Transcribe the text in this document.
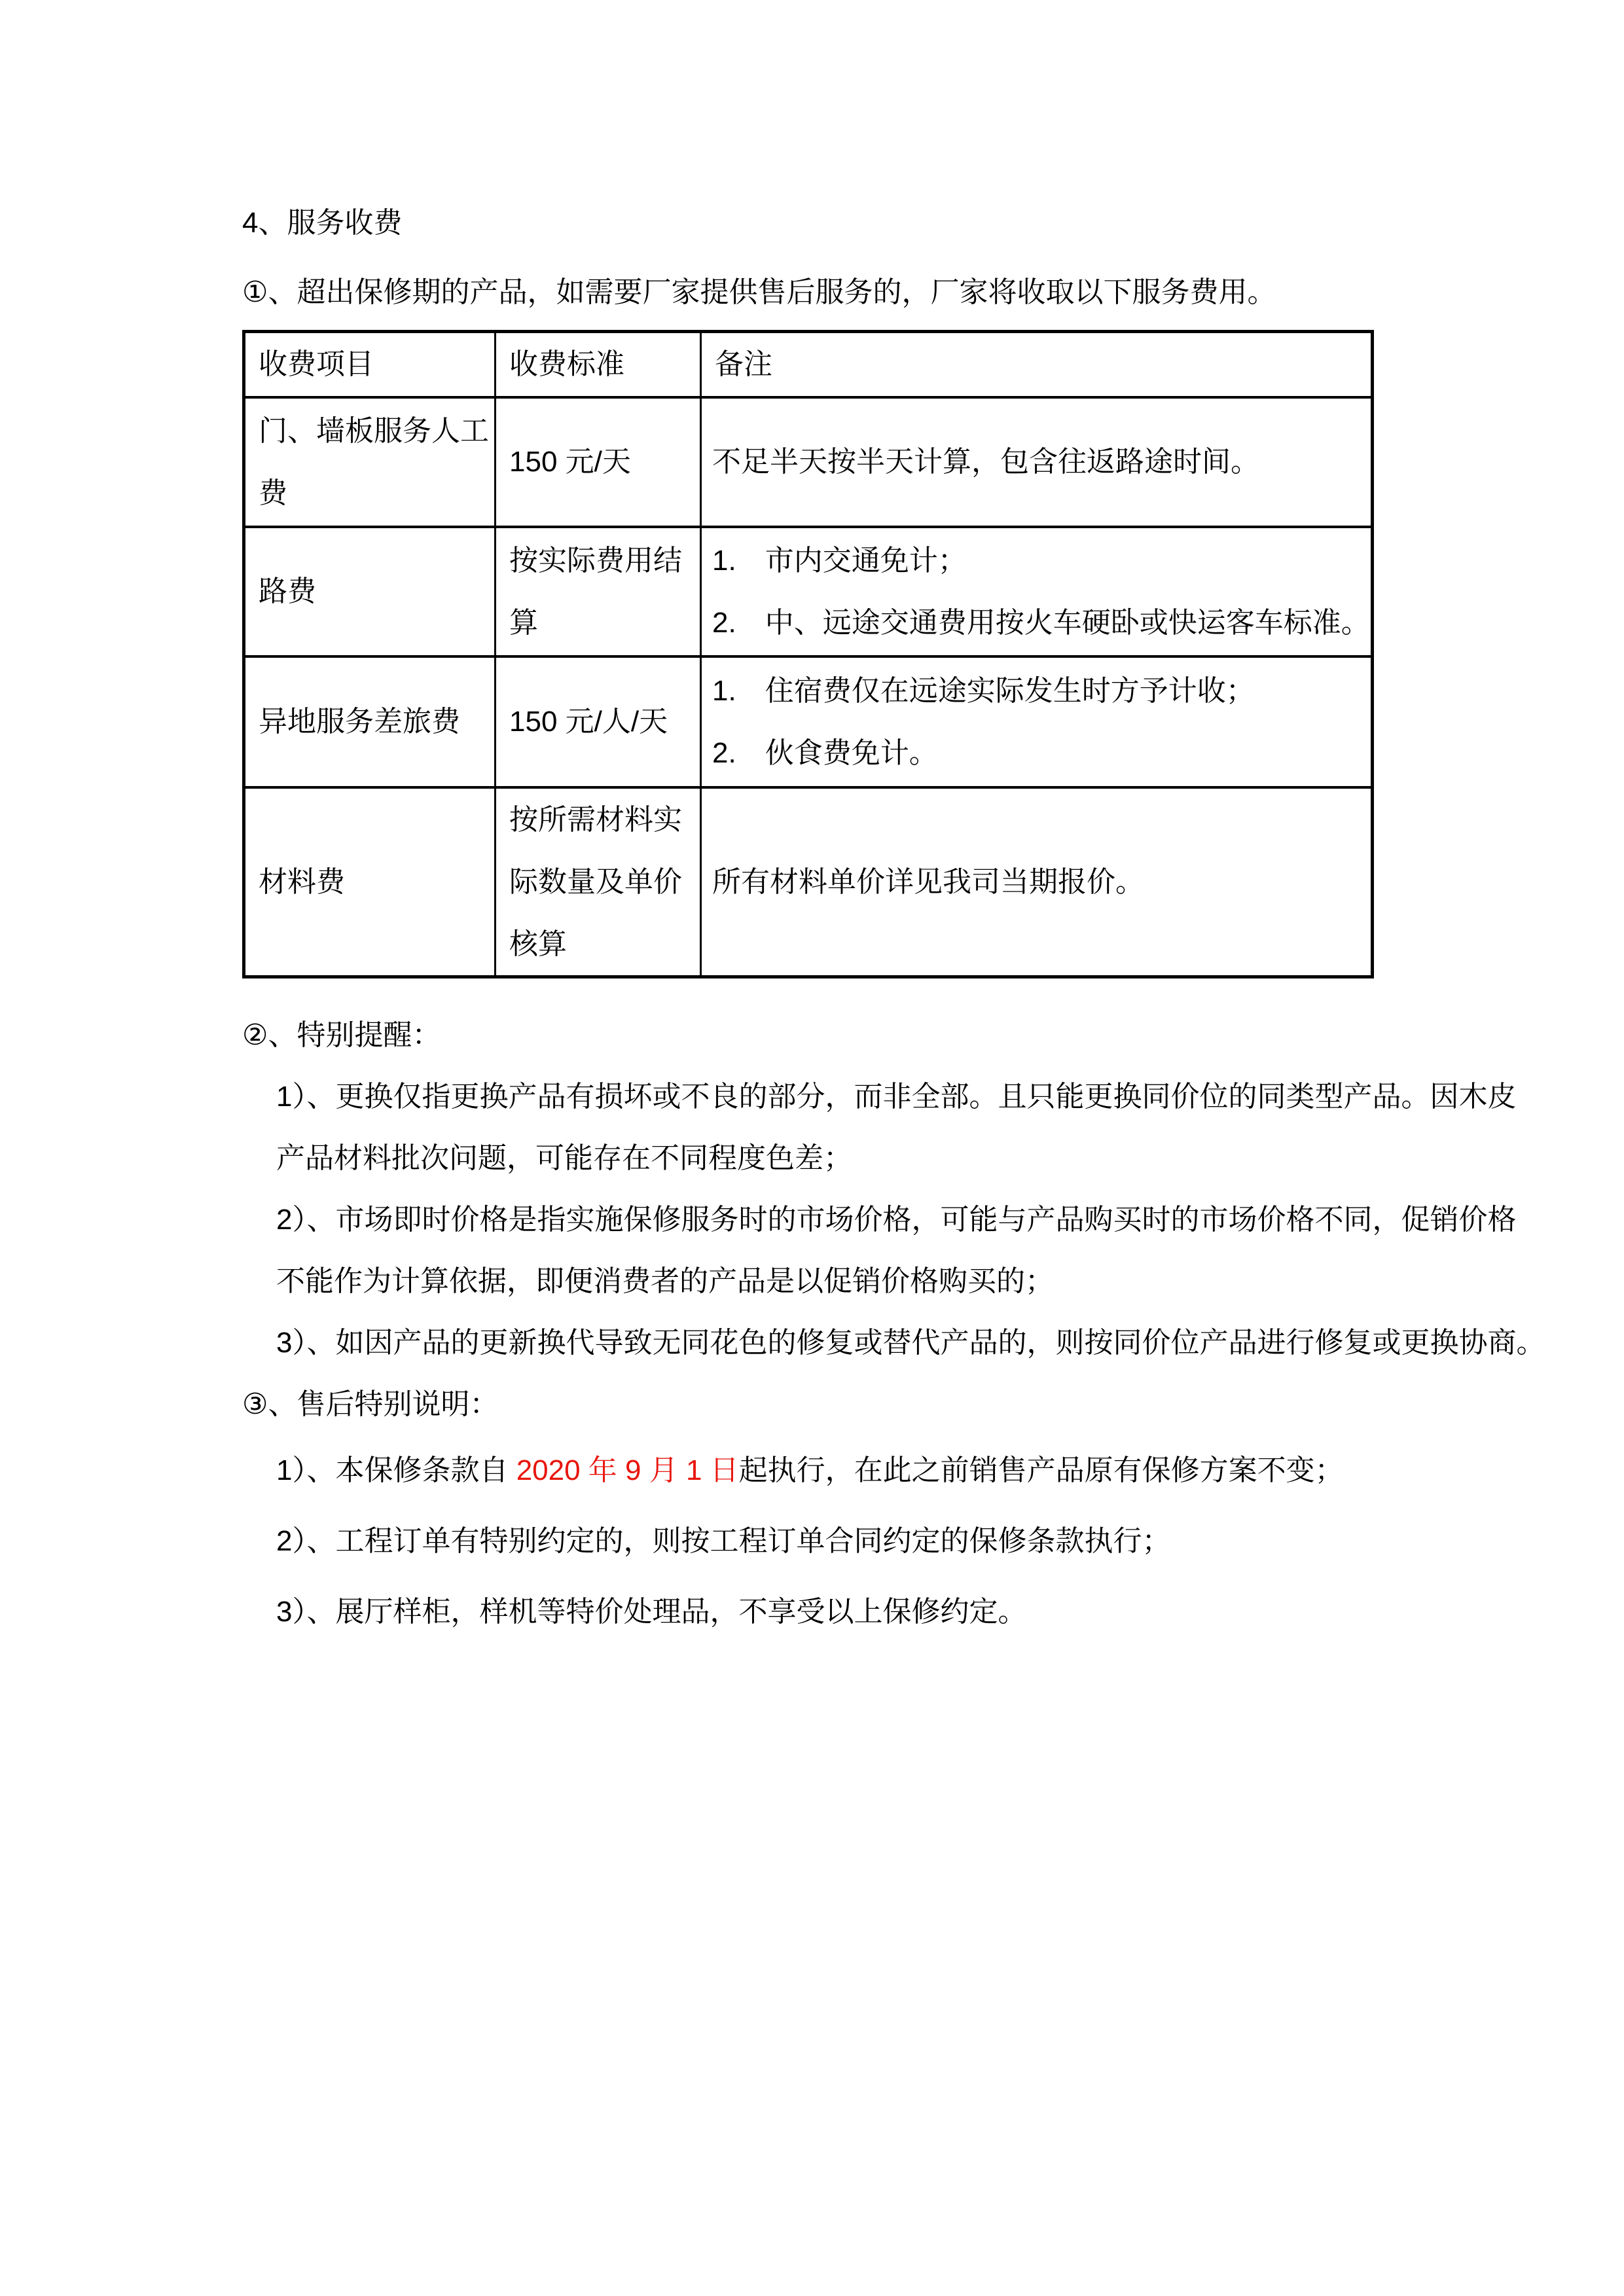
4、服务收费

①、超出保修期的产品，如需要厂家提供售后服务的，厂家将收取以下服务费用。

收费项目	收费标准	备注
门、墙板服务人工费	150 元/天	不足半天按半天计算，包含往返路途时间。

路费	按实际费用结算	1.　市内交通免计；
2.　中、远途交通费用按火车硬卧或快运客车标准。

异地服务差旅费	150 元/人/天	1.　住宿费仅在远途实际发生时方予计收；
2.　伙食费免计。

材料费	按所需材料实际数量及单价核算	所有材料单价详见我司当期报价。

②、特别提醒：

1）、更换仅指更换产品有损坏或不良的部分，而非全部。且只能更换同价位的同类型产品。因木皮

产品材料批次问题，可能存在不同程度色差；

2）、市场即时价格是指实施保修服务时的市场价格，可能与产品购买时的市场价格不同，促销价格

不能作为计算依据，即便消费者的产品是以促销价格购买的；

3）、如因产品的更新换代导致无同花色的修复或替代产品的，则按同价位产品进行修复或更换协商。

③、售后特别说明：

1）、本保修条款自 2020 年 9 月 1 日起执行，在此之前销售产品原有保修方案不变；

2）、工程订单有特别约定的，则按工程订单合同约定的保修条款执行；

3）、展厅样柜，样机等特价处理品，不享受以上保修约定。
